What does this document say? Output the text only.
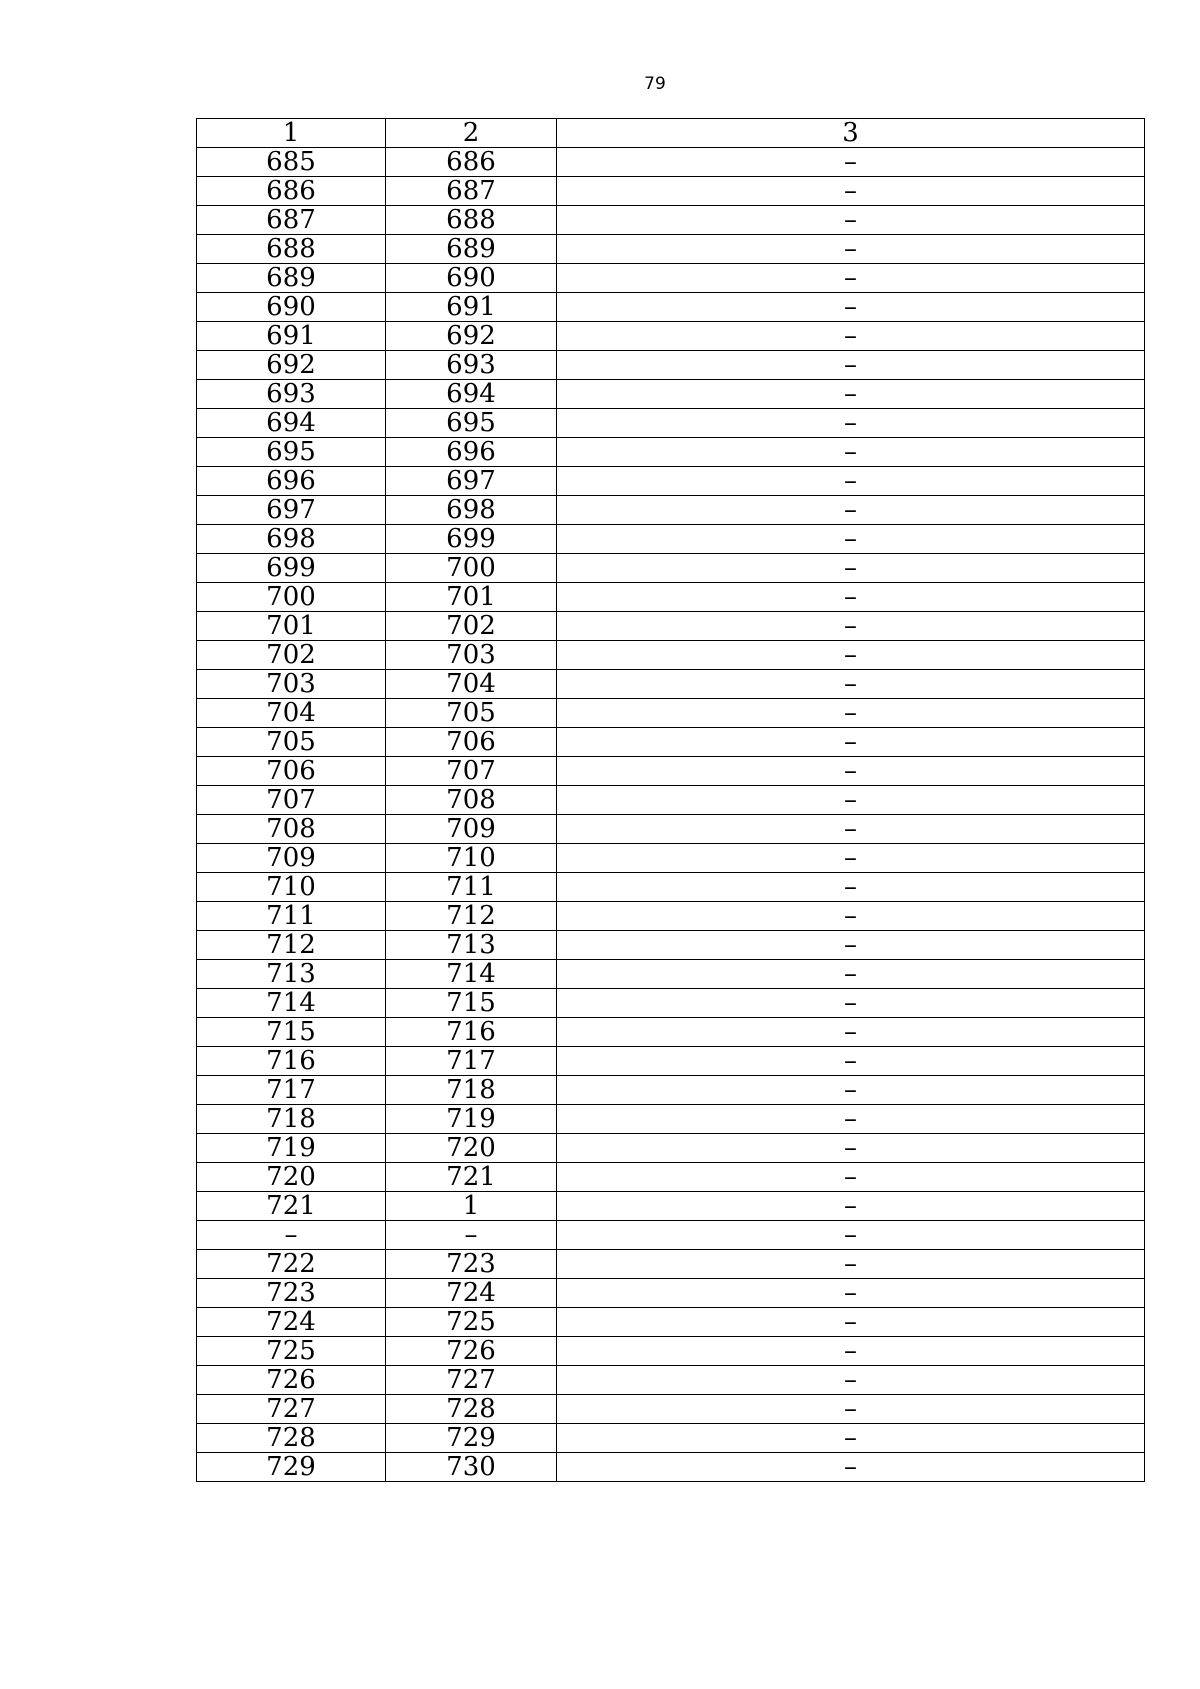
79
1	2	3
685	686	–
686	687	–
687	688	–
688	689	–
689	690	–
690	691	–
691	692	–
692	693	–
693	694	–
694	695	–
695	696	–
696	697	–
697	698	–
698	699	–
699	700	–
700	701	–
701	702	–
702	703	–
703	704	–
704	705	–
705	706	–
706	707	–
707	708	–
708	709	–
709	710	–
710	711	–
711	712	–
712	713	–
713	714	–
714	715	–
715	716	–
716	717	–
717	718	–
718	719	–
719	720	–
720	721	–
721	1	–
–	–	–
722	723	–
723	724	–
724	725	–
725	726	–
726	727	–
727	728	–
728	729	–
729	730	–
